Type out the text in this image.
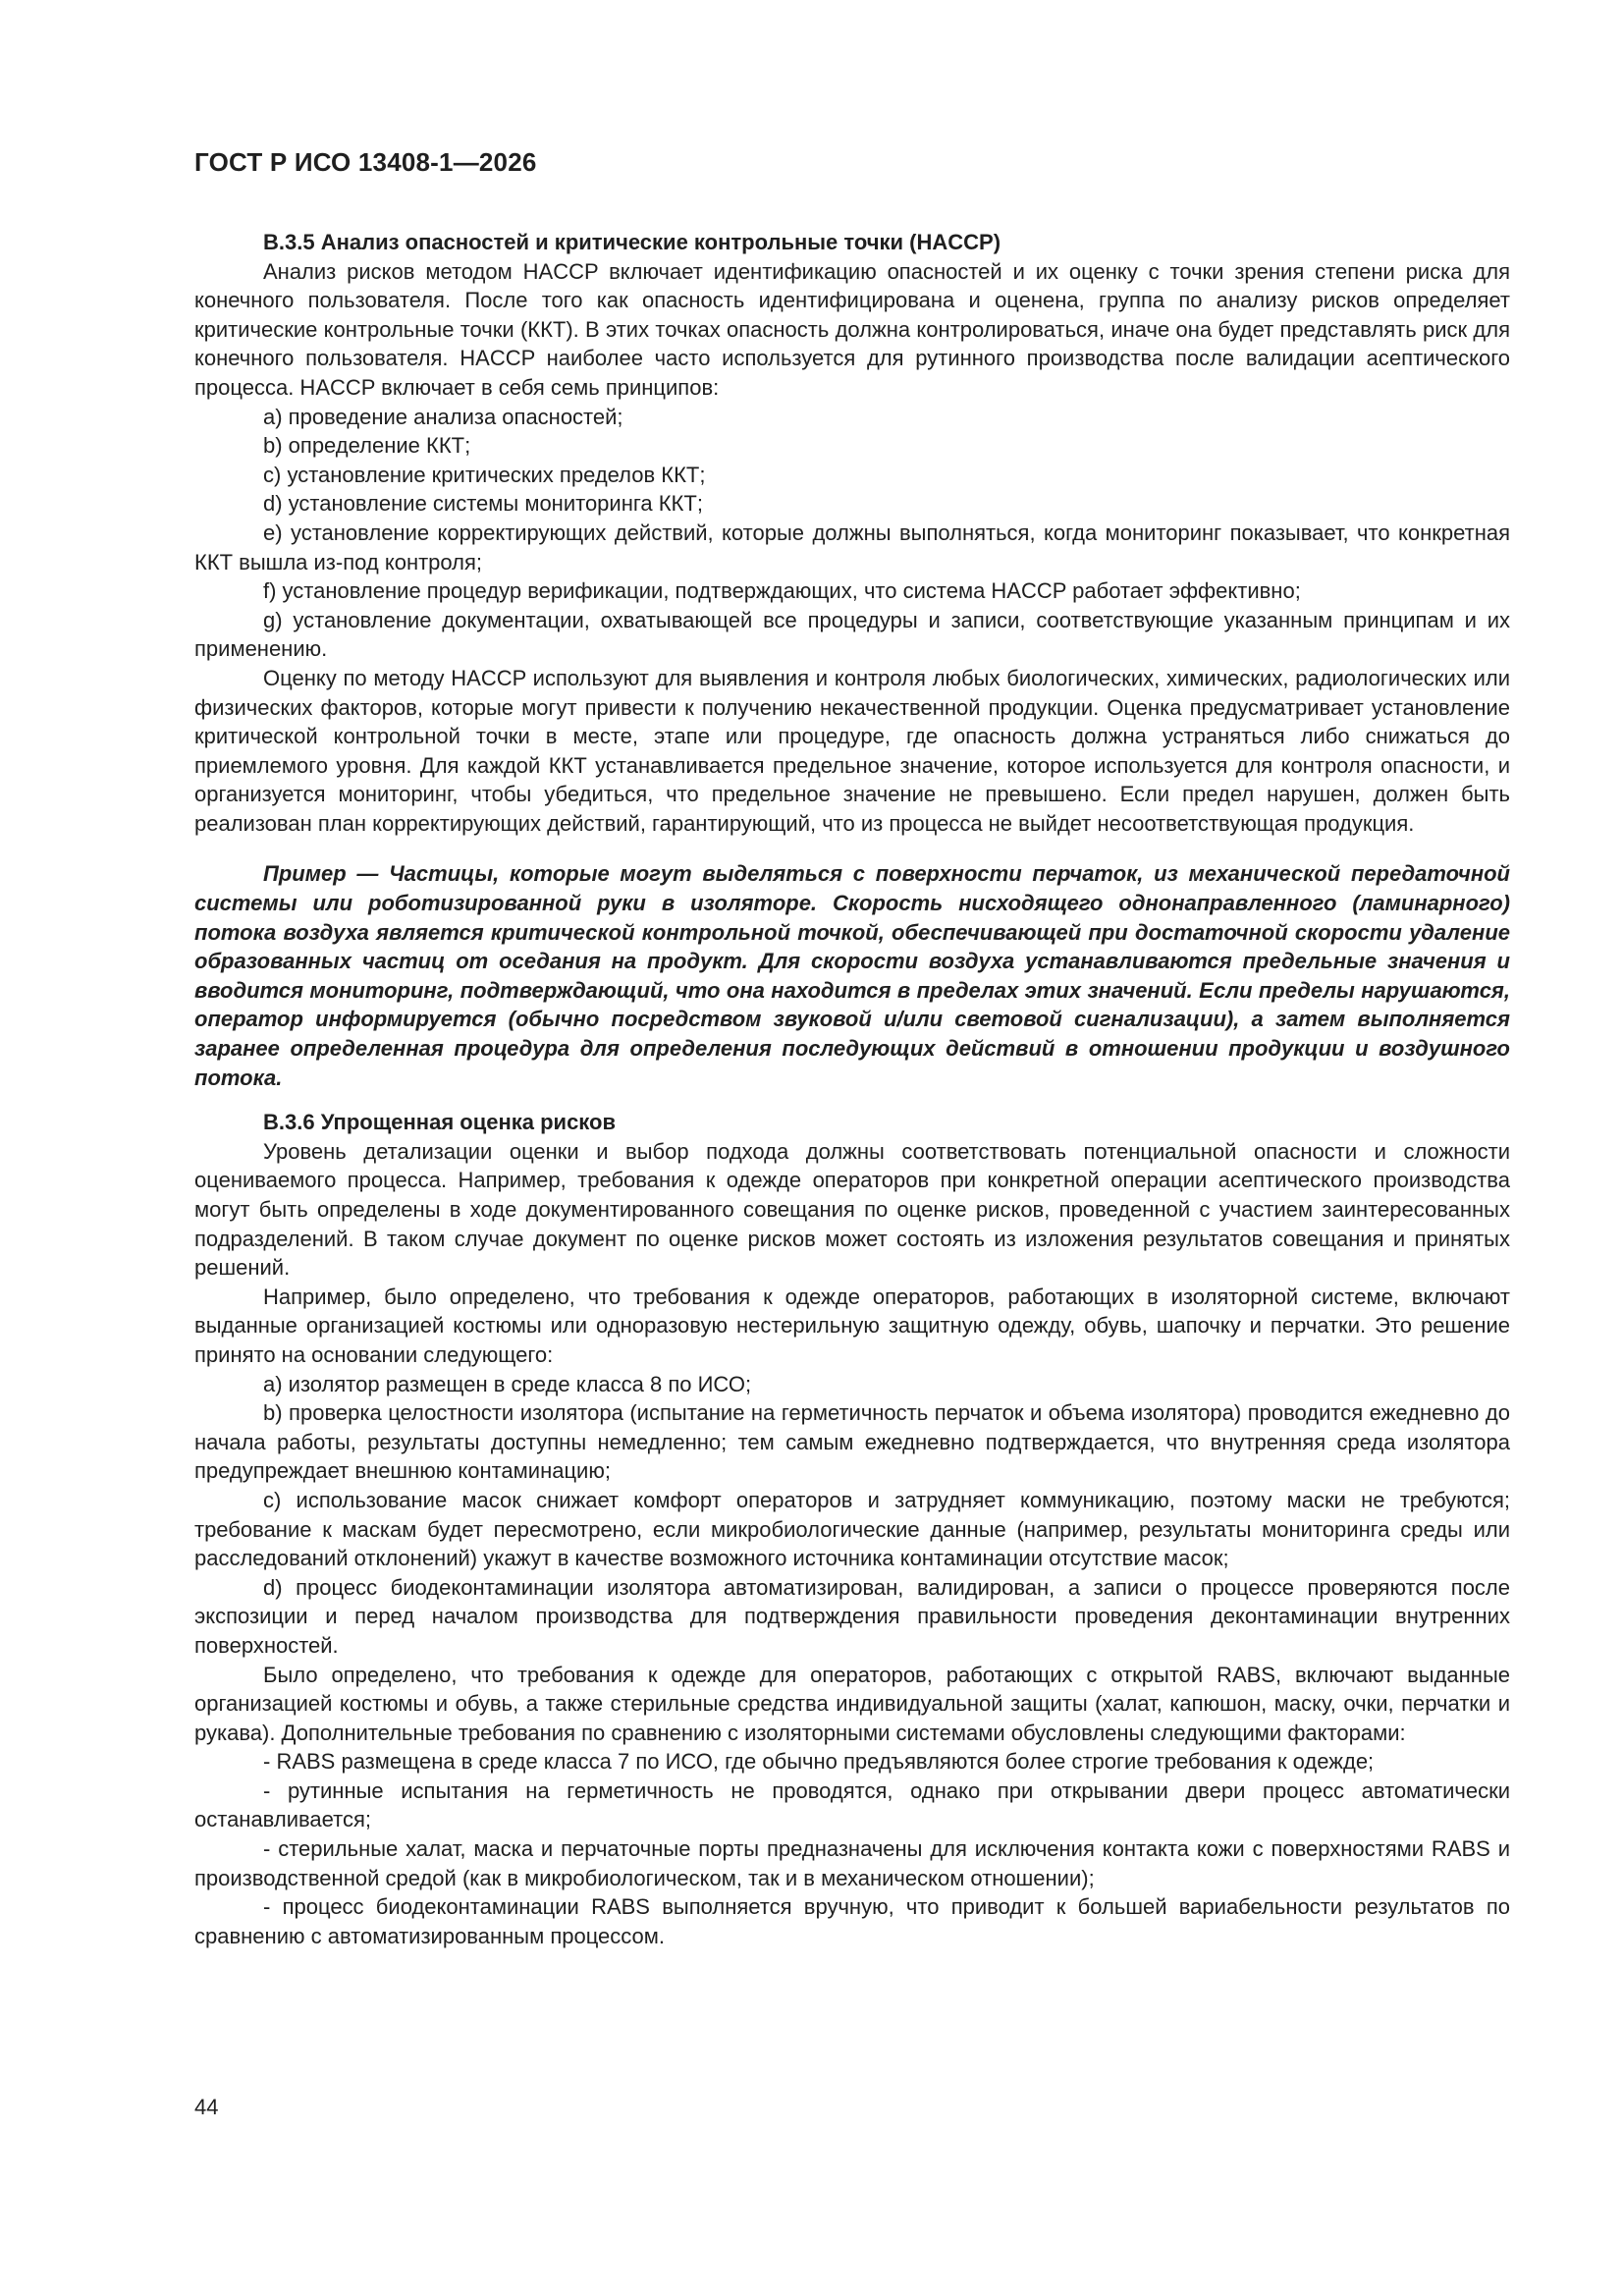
ГОСТ Р ИСО 13408-1—2026

В.3.5 Анализ опасностей и критические контрольные точки (HACCP)

Анализ рисков методом HACCP включает идентификацию опасностей и их оценку с точки зрения степени риска для конечного пользователя. После того как опасность идентифицирована и оценена, группа по анализу рисков определяет критические контрольные точки (ККТ). В этих точках опасность должна контролироваться, иначе она будет представлять риск для конечного пользователя. HACCP наиболее часто используется для рутинного производства после валидации асептического процесса. HACCP включает в себя семь принципов:

a) проведение анализа опасностей;

b) определение ККТ;

c) установление критических пределов ККТ;

d) установление системы мониторинга ККТ;

e) установление корректирующих действий, которые должны выполняться, когда мониторинг показывает, что конкретная ККТ вышла из-под контроля;

f) установление процедур верификации, подтверждающих, что система HACCP работает эффективно;

g) установление документации, охватывающей все процедуры и записи, соответствующие указанным принципам и их применению.

Оценку по методу HACCP используют для выявления и контроля любых биологических, химических, радиологических или физических факторов, которые могут привести к получению некачественной продукции. Оценка предусматривает установление критической контрольной точки в месте, этапе или процедуре, где опасность должна устраняться либо снижаться до приемлемого уровня. Для каждой ККТ устанавливается предельное значение, которое используется для контроля опасности, и организуется мониторинг, чтобы убедиться, что предельное значение не превышено. Если предел нарушен, должен быть реализован план корректирующих действий, гарантирующий, что из процесса не выйдет несоответствующая продукция.

Пример — Частицы, которые могут выделяться с поверхности перчаток, из механической передаточной системы или роботизированной руки в изоляторе. Скорость нисходящего однонаправленного (ламинарного) потока воздуха является критической контрольной точкой, обеспечивающей при достаточной скорости удаление образованных частиц от оседания на продукт. Для скорости воздуха устанавливаются предельные значения и вводится мониторинг, подтверждающий, что она находится в пределах этих значений. Если пределы нарушаются, оператор информируется (обычно посредством звуковой и/или световой сигнализации), а затем выполняется заранее определенная процедура для определения последующих действий в отношении продукции и воздушного потока.

В.3.6 Упрощенная оценка рисков

Уровень детализации оценки и выбор подхода должны соответствовать потенциальной опасности и сложности оцениваемого процесса. Например, требования к одежде операторов при конкретной операции асептического производства могут быть определены в ходе документированного совещания по оценке рисков, проведенной с участием заинтересованных подразделений. В таком случае документ по оценке рисков может состоять из изложения результатов совещания и принятых решений.

Например, было определено, что требования к одежде операторов, работающих в изоляторной системе, включают выданные организацией костюмы или одноразовую нестерильную защитную одежду, обувь, шапочку и перчатки. Это решение принято на основании следующего:

a) изолятор размещен в среде класса 8 по ИСО;

b) проверка целостности изолятора (испытание на герметичность перчаток и объема изолятора) проводится ежедневно до начала работы, результаты доступны немедленно; тем самым ежедневно подтверждается, что внутренняя среда изолятора предупреждает внешнюю контаминацию;

c) использование масок снижает комфорт операторов и затрудняет коммуникацию, поэтому маски не требуются; требование к маскам будет пересмотрено, если микробиологические данные (например, результаты мониторинга среды или расследований отклонений) укажут в качестве возможного источника контаминации отсутствие масок;

d) процесс биодеконтаминации изолятора автоматизирован, валидирован, а записи о процессе проверяются после экспозиции и перед началом производства для подтверждения правильности проведения деконтаминации внутренних поверхностей.

Было определено, что требования к одежде для операторов, работающих с открытой RABS, включают выданные организацией костюмы и обувь, а также стерильные средства индивидуальной защиты (халат, капюшон, маску, очки, перчатки и рукава). Дополнительные требования по сравнению с изоляторными системами обусловлены следующими факторами:

- RABS размещена в среде класса 7 по ИСО, где обычно предъявляются более строгие требования к одежде;

- рутинные испытания на герметичность не проводятся, однако при открывании двери процесс автоматически останавливается;

- стерильные халат, маска и перчаточные порты предназначены для исключения контакта кожи с поверхностями RABS и производственной средой (как в микробиологическом, так и в механическом отношении);

- процесс биодеконтаминации RABS выполняется вручную, что приводит к большей вариабельности результатов по сравнению с автоматизированным процессом.

44
